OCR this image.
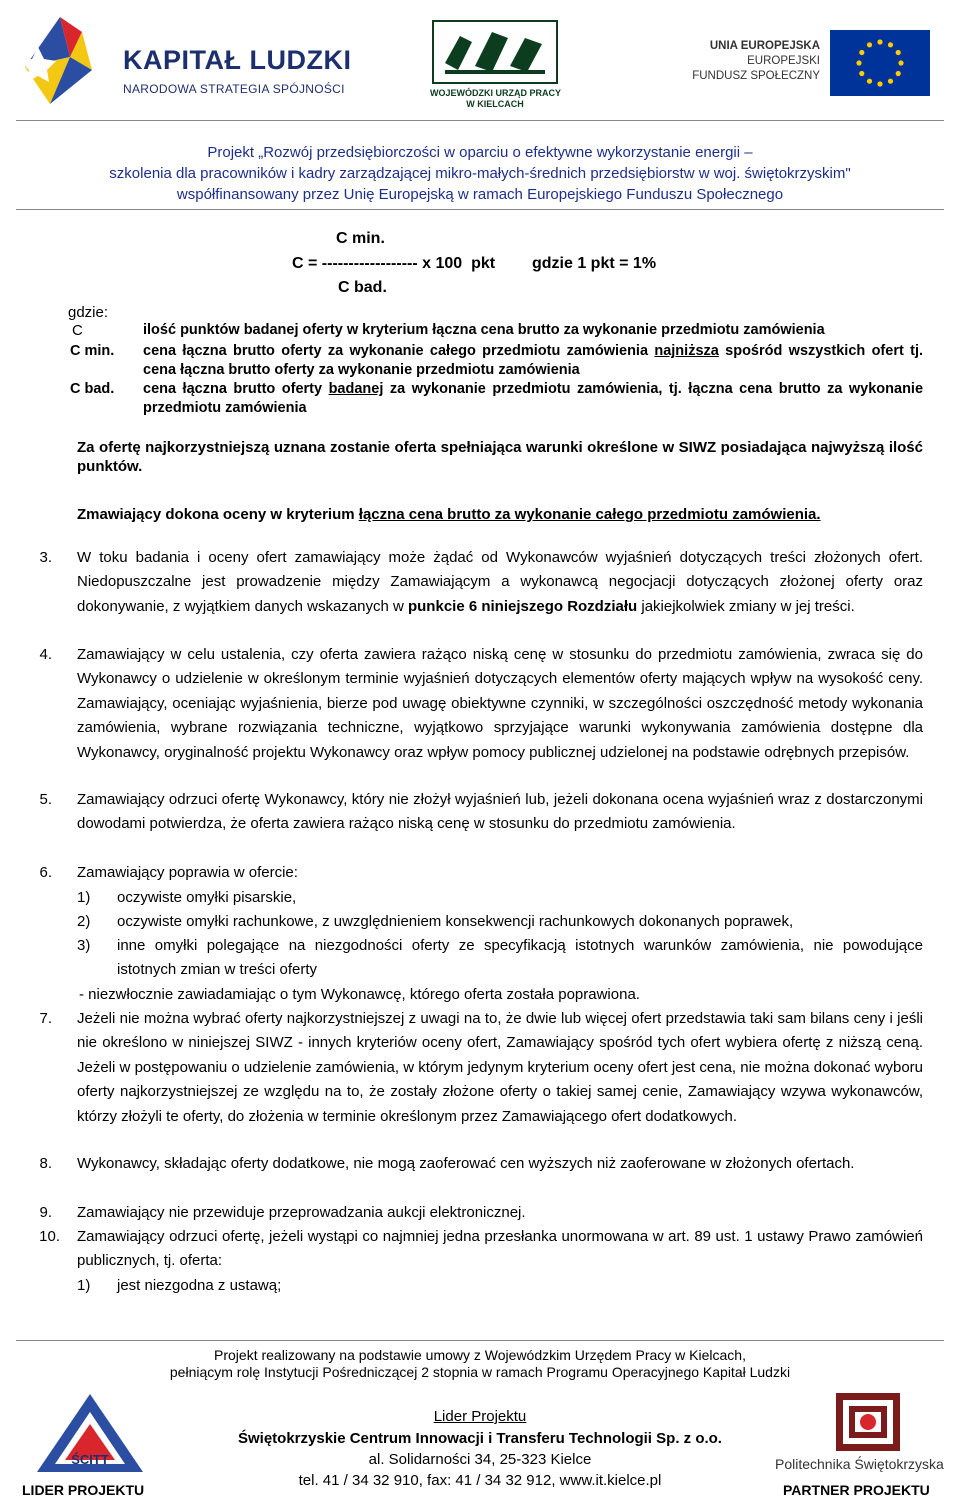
KAPITAŁ LUDZKI
NARODOWA STRATEGIA SPÓJNOŚCI	WOJEWÓDZKI URZĄD PRACY
W KIELCACH
UNIA EUROPEJSKA
EUROPEJSKI
FUNDUSZ SPOŁECZNY
Projekt „Rozwój przedsiębiorczości w oparciu o efektywne wykorzystanie energii –
szkolenia dla pracowników i kadry zarządzającej mikro-małych-średnich przedsiębiorstw w woj. świętokrzyskim"
współfinansowany przez Unię Europejską w ramach Europejskiego Funduszu Społecznego
C min.
C = ------------------ x 100  pkt gdzie 1 pkt = 1%
C bad.
gdzie:
C	ilość punktów badanej oferty w kryterium łączna cena brutto za wykonanie przedmiotu zamówienia
C min. cena łączna brutto oferty za wykonanie całego przedmiotu zamówienia najniższa spośród wszystkich ofert tj. cena łączna brutto oferty za wykonanie przedmiotu zamówienia
C bad. cena łączna brutto oferty badanej za wykonanie przedmiotu zamówienia, tj. łączna cena brutto za wykonanie przedmiotu zamówienia
Za ofertę najkorzystniejszą uznana zostanie oferta spełniająca warunki określone w SIWZ posiadająca najwyższą ilość punktów.
Zmawiający dokona oceny w kryterium łączna cena brutto za wykonanie całego przedmiotu zamówienia.
3. W toku badania i oceny ofert zamawiający może żądać od Wykonawców wyjaśnień dotyczących treści złożonych ofert. Niedopuszczalne jest prowadzenie między Zamawiającym a wykonawcą negocjacji dotyczących złożonej oferty oraz dokonywanie, z wyjątkiem danych wskazanych w punkcie 6 niniejszego Rozdziału jakiejkolwiek zmiany w jej treści.
4. Zamawiający w celu ustalenia, czy oferta zawiera rażąco niską cenę w stosunku do przedmiotu zamówienia, zwraca się do Wykonawcy o udzielenie w określonym terminie wyjaśnień dotyczących elementów oferty mających wpływ na wysokość ceny. Zamawiający, oceniając wyjaśnienia, bierze pod uwagę obiektywne czynniki, w szczególności oszczędność metody wykonania zamówienia, wybrane rozwiązania techniczne, wyjątkowo sprzyjające warunki wykonywania zamówienia dostępne dla Wykonawcy, oryginalność projektu Wykonawcy oraz wpływ pomocy publicznej udzielonej na podstawie odrębnych przepisów.
5. Zamawiający odrzuci ofertę Wykonawcy, który nie złożył wyjaśnień lub, jeżeli dokonana ocena wyjaśnień wraz z dostarczonymi dowodami potwierdza, że oferta zawiera rażąco niską cenę w stosunku do przedmiotu zamówienia.
6. Zamawiający poprawia w ofercie:
1) oczywiste omyłki pisarskie,
2) oczywiste omyłki rachunkowe, z uwzględnieniem konsekwencji rachunkowych dokonanych poprawek,
3) inne omyłki polegające na niezgodności oferty ze specyfikacją istotnych warunków zamówienia, nie powodujące istotnych zmian w treści oferty
- niezwłocznie zawiadamiając o tym Wykonawcę, którego oferta została poprawiona.
7. Jeżeli nie można wybrać oferty najkorzystniejszej z uwagi na to, że dwie lub więcej ofert przedstawia taki sam bilans ceny i jeśli nie określono w niniejszej SIWZ - innych kryteriów oceny ofert, Zamawiający spośród tych ofert wybiera ofertę z niższą ceną. Jeżeli w postępowaniu o udzielenie zamówienia, w którym jedynym kryterium oceny ofert jest cena, nie można dokonać wyboru oferty najkorzystniejszej ze względu na to, że zostały złożone oferty o takiej samej cenie, Zamawiający wzywa wykonawców, którzy złożyli te oferty, do złożenia w terminie określonym przez Zamawiającego ofert dodatkowych.
8. Wykonawcy, składając oferty dodatkowe, nie mogą zaoferować cen wyższych niż zaoferowane w złożonych ofertach.
9. Zamawiający nie przewiduje przeprowadzania aukcji elektronicznej.
10. Zamawiający odrzuci ofertę, jeżeli wystąpi co najmniej jedna przesłanka unormowana w art. 89 ust. 1 ustawy Prawo zamówień publicznych, tj. oferta:
1) jest niezgodna z ustawą;
Projekt realizowany na podstawie umowy z Wojewódzkim Urzędem Pracy w Kielcach,
pełniącym rolę Instytucji Pośredniczącej 2 stopnia w ramach Programu Operacyjnego Kapitał Ludzki
Lider Projektu
Świętokrzyskie Centrum Innowacji i Transferu Technologii Sp. z o.o.
al. Solidarności 34, 25-323 Kielce
tel. 41 / 34 32 910, fax: 41 / 34 32 912, www.it.kielce.pl
ŚCITT
LIDER PROJEKTU
Politechnika Świętokrzyska
PARTNER PROJEKTU
